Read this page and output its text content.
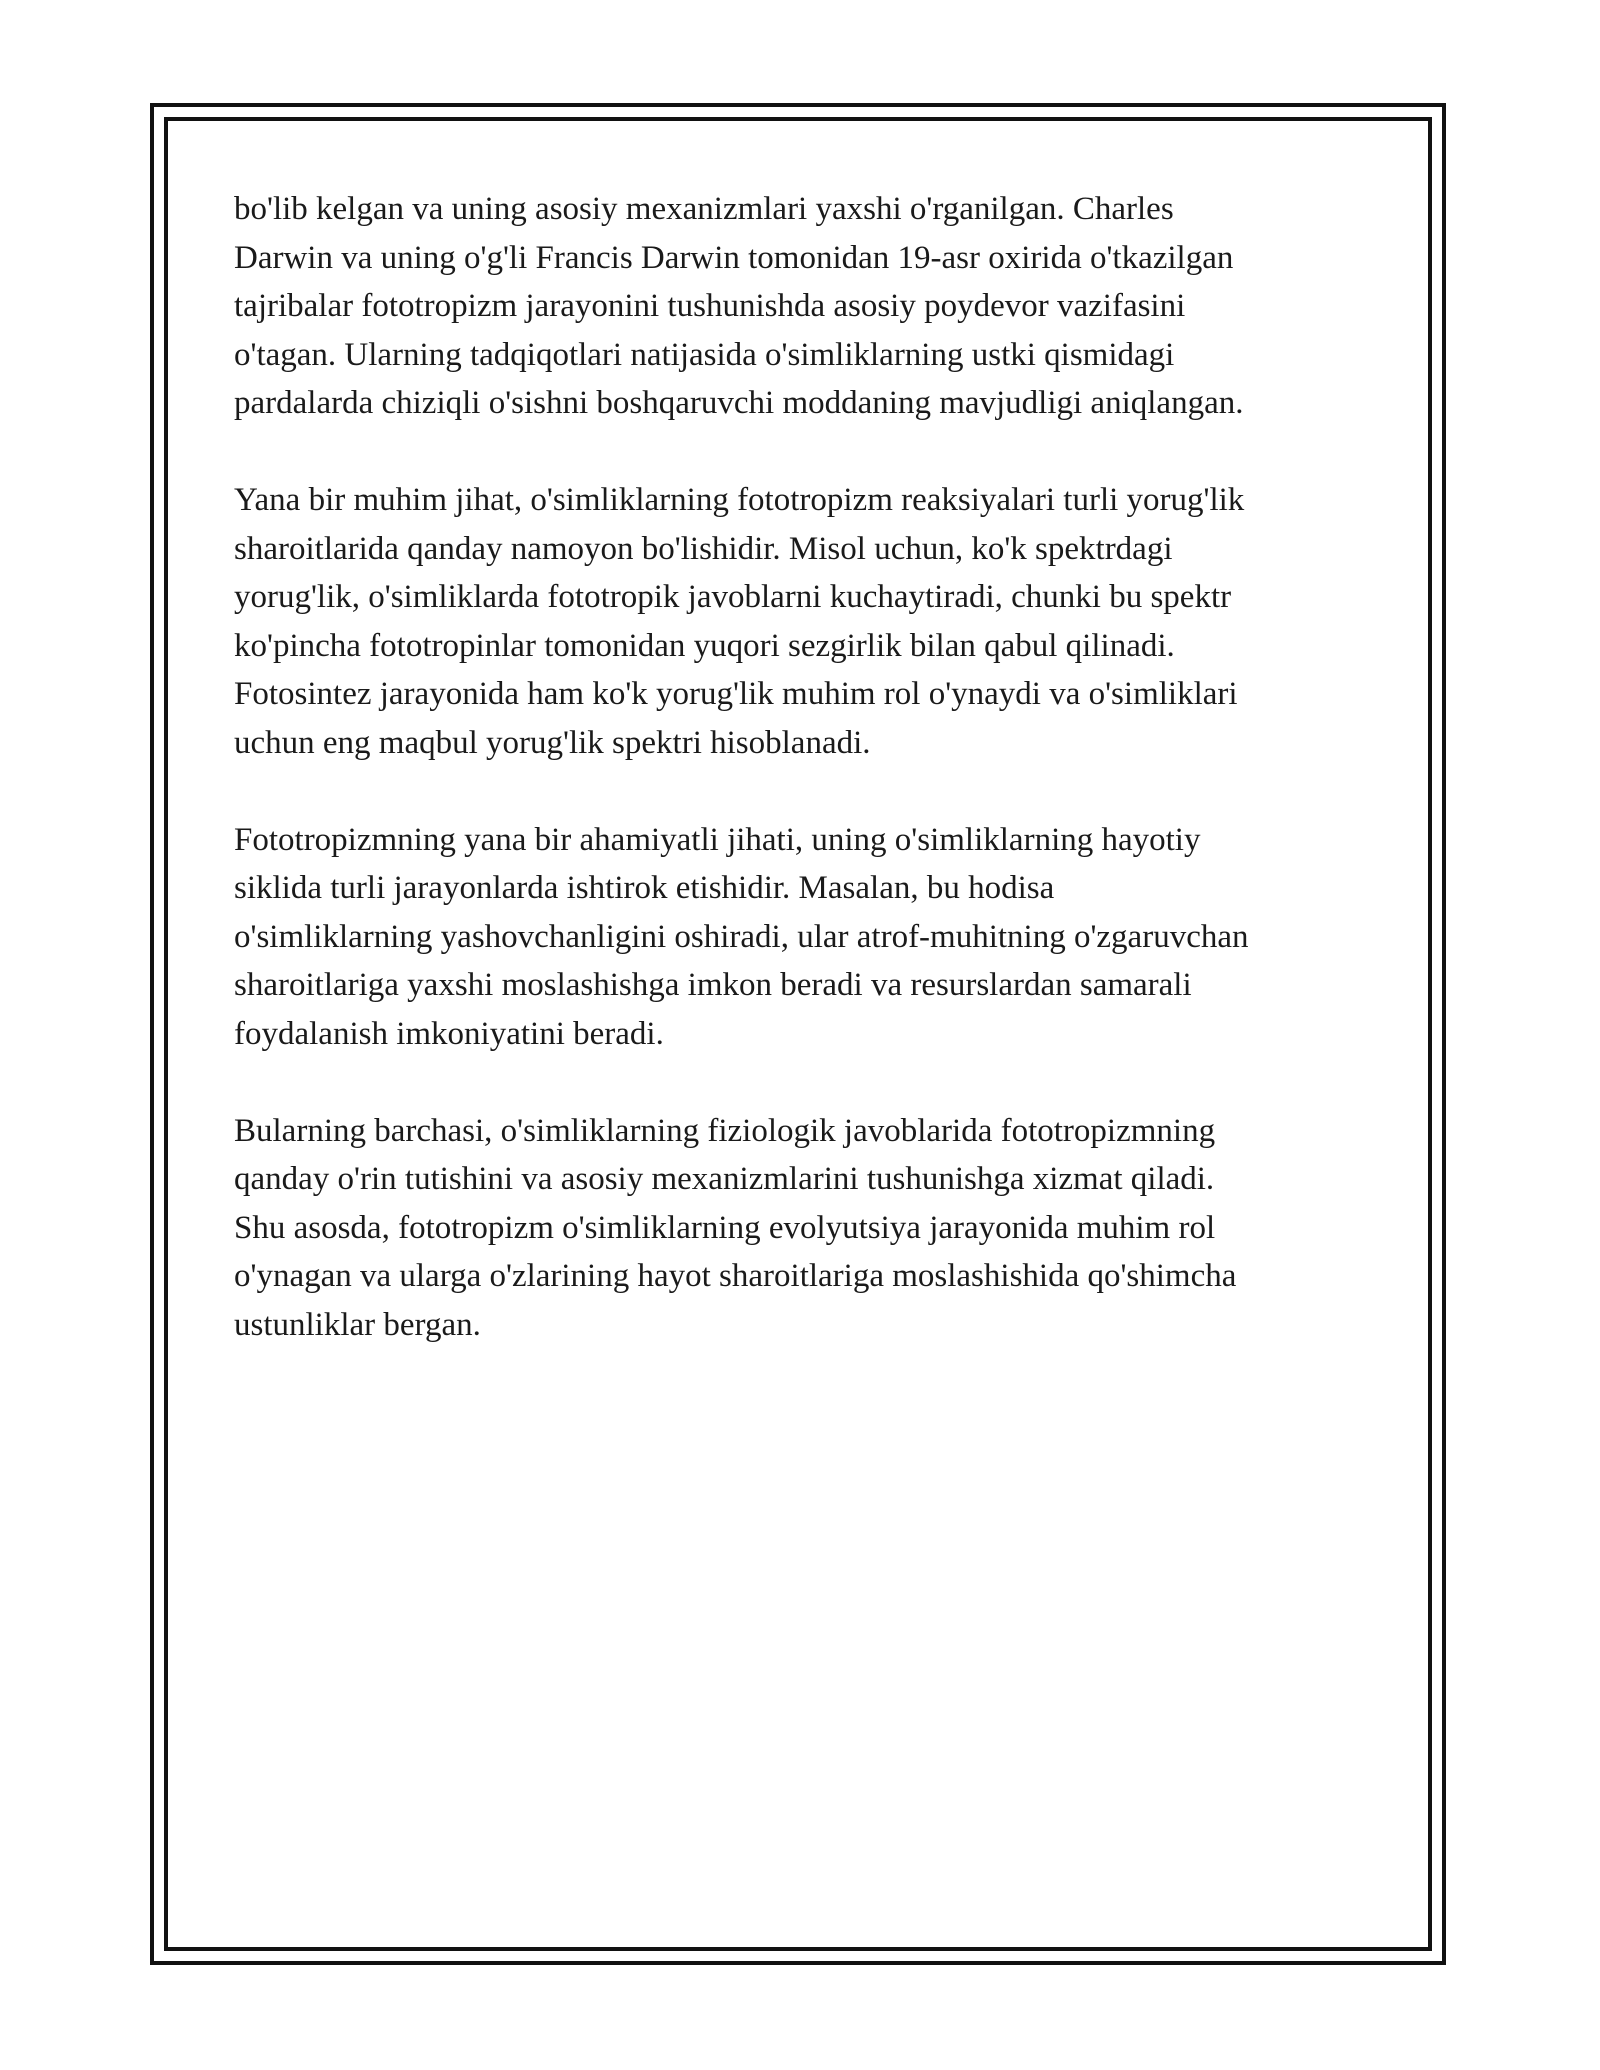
bo'lib kelgan va uning asosiy mexanizmlari yaxshi o'rganilgan. Charles
Darwin va uning o'g'li Francis Darwin tomonidan 19-asr oxirida o'tkazilgan
tajribalar fototropizm jarayonini tushunishda asosiy poydevor vazifasini
o'tagan. Ularning tadqiqotlari natijasida o'simliklarning ustki qismidagi
pardalarda chiziqli o'sishni boshqaruvchi moddaning mavjudligi aniqlangan.

Yana bir muhim jihat, o'simliklarning fototropizm reaksiyalari turli yorug'lik
sharoitlarida qanday namoyon bo'lishidir. Misol uchun, ko'k spektrdagi
yorug'lik, o'simliklarda fototropik javoblarni kuchaytiradi, chunki bu spektr
ko'pincha fototropinlar tomonidan yuqori sezgirlik bilan qabul qilinadi.
Fotosintez jarayonida ham ko'k yorug'lik muhim rol o'ynaydi va o'simliklari
uchun eng maqbul yorug'lik spektri hisoblanadi.

Fototropizmning yana bir ahamiyatli jihati, uning o'simliklarning hayotiy
siklida turli jarayonlarda ishtirok etishidir. Masalan, bu hodisa
o'simliklarning yashovchanligini oshiradi, ular atrof-muhitning o'zgaruvchan
sharoitlariga yaxshi moslashishga imkon beradi va resurslardan samarali
foydalanish imkoniyatini beradi.

Bularning barchasi, o'simliklarning fiziologik javoblarida fototropizmning
qanday o'rin tutishini va asosiy mexanizmlarini tushunishga xizmat qiladi.
Shu asosda, fototropizm o'simliklarning evolyutsiya jarayonida muhim rol
o'ynagan va ularga o'zlarining hayot sharoitlariga moslashishida qo'shimcha
ustunliklar bergan.
